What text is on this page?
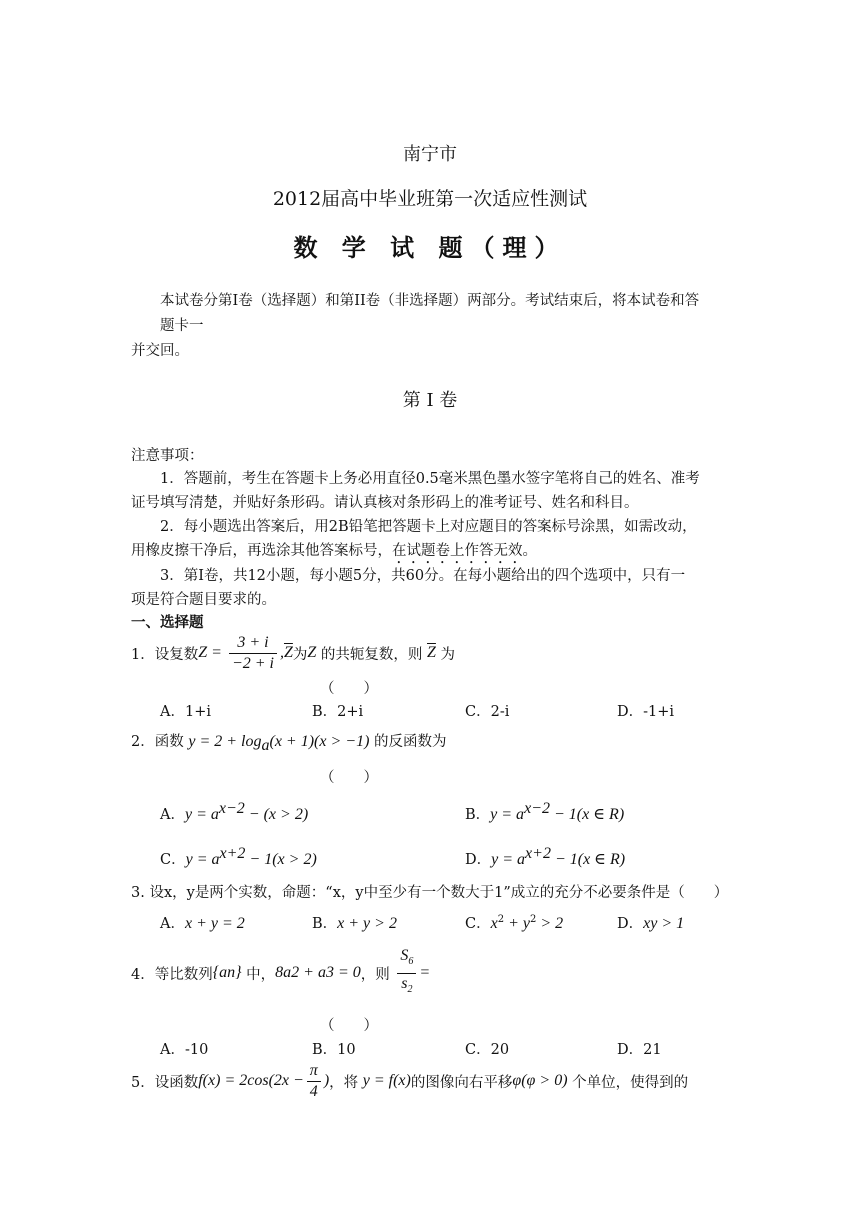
南宁市
2012届高中毕业班第一次适应性测试
数 学 试 题（理）
本试卷分第I卷（选择题）和第II卷（非选择题）两部分。考试结束后，将本试卷和答
题卡一
并交回。
第 Ⅰ 卷
注意事项：
1．答题前，考生在答题卡上务必用直径0.5毫米黑色墨水签字笔将自己的姓名、准考
证号填写清楚，并贴好条形码。请认真核对条形码上的准考证号、姓名和科目。
2．每小题选出答案后，用2B铅笔把答题卡上对应题目的答案标号涂黑，如需改动，
用橡皮擦干净后，再选涂其他答案标号，在试题卷上作答无效。
3．第I卷，共12小题，每小题5分，共60分。在每小题给出的四个选项中，只有一
项是符合题目要求的。
一、选择题
1．设复数 $Z = \frac{3 + i}{-2 + i}$ , $\overline{Z}$ 为 Z 的共轭复数，则 $\overline{Z}$ 为
（　　）
A．1+i	B．2+i	C．2-i	D．-1+i
2．函数 $y = 2 + \log_a(x + 1)(x > -1)$ 的反函数为
（　　）
A．$y = a^{x-2} - (x > 2)$	B．$y = a^{x-2} - 1(x$ ∈ R)
C．$y = a^{x+2} - 1(x > 2)$	D．$y = a^{x+2} - 1(x$ ∈ R)
3. 设x，y是两个实数，命题：“x，y中至少有一个数大于1”成立的充分不必要条件是（　　）
A．x + y = 2	B．x + y > 2	C．$x^2 + y^2 > 2$	D．xy > 1
4．等比数列 {a n } 中， 8a 2 + a 3 = 0 ，则 $\frac{S_6}{s_2}$ =
（　　）
A．-10	B．10	C．20	D．21
5．设函数 $f(x) = 2\cos(2x - \frac{\pi}{4}$ ) ，将 y = f(x) 的图像向右平移 φ(φ > 0) 个单位，使得到的
